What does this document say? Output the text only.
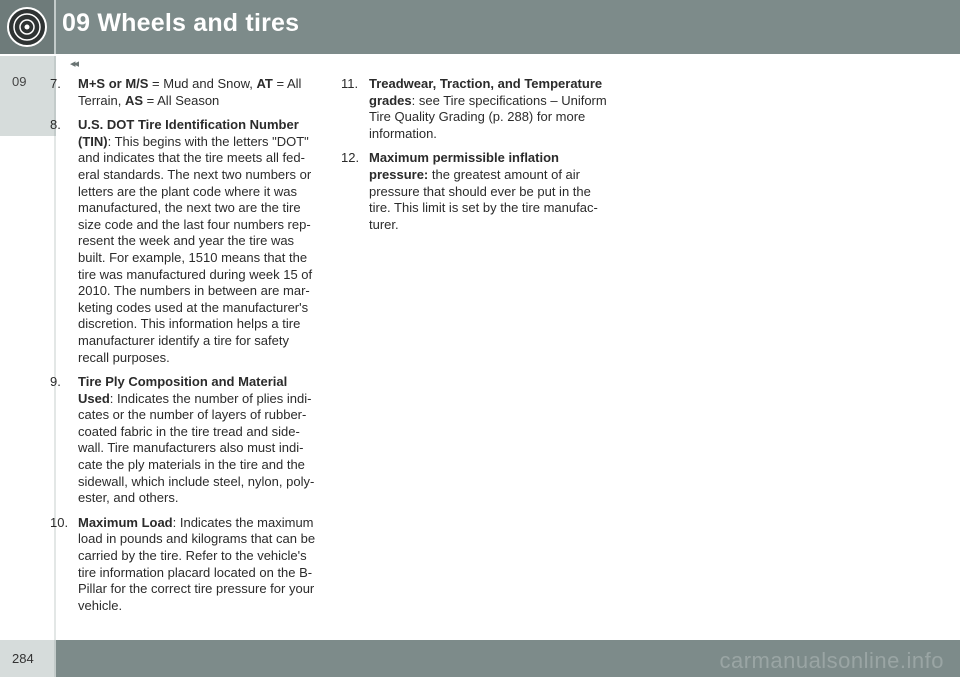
09 Wheels and tires
09
◂◂
7. M+S or M/S = Mud and Snow, AT = All Terrain, AS = All Season
8. U.S. DOT Tire Identification Number (TIN): This begins with the letters "DOT" and indicates that the tire meets all fed-eral standards. The next two numbers or letters are the plant code where it was manufactured, the next two are the tire size code and the last four numbers rep-resent the week and year the tire was built. For example, 1510 means that the tire was manufactured during week 15 of 2010. The numbers in between are mar-keting codes used at the manufacturer's discretion. This information helps a tire manufacturer identify a tire for safety recall purposes.
9. Tire Ply Composition and Material Used: Indicates the number of plies indi-cates or the number of layers of rubber-coated fabric in the tire tread and side-wall. Tire manufacturers also must indi-cate the ply materials in the tire and the sidewall, which include steel, nylon, poly-ester, and others.
10. Maximum Load: Indicates the maximum load in pounds and kilograms that can be carried by the tire. Refer to the vehicle's tire information placard located on the B-Pillar for the correct tire pressure for your vehicle.
11. Treadwear, Traction, and Temperature grades: see Tire specifications – Uniform Tire Quality Grading (p. 288) for more information.
12. Maximum permissible inflation pressure: the greatest amount of air pressure that should ever be put in the tire. This limit is set by the tire manufac-turer.
284	carmanualsonline.info
